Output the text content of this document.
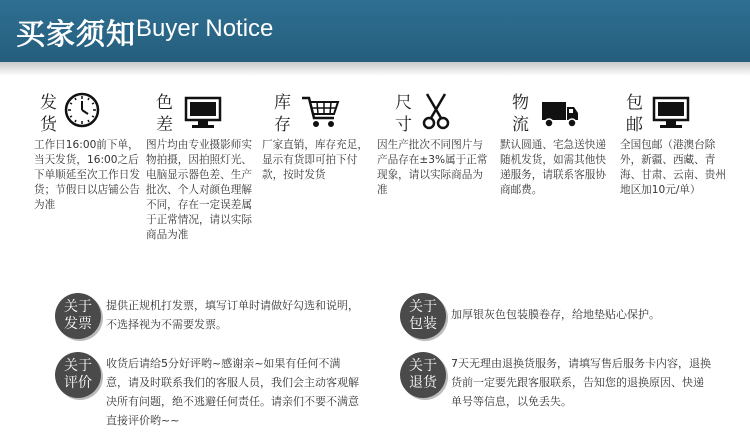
买家须知 Buyer Notice
发
货
工作日16:00前下单，当天发货，16:00之后下单顺延至次工作日发货；节假日以店铺公告为准
色
差
图片均由专业摄影师实物拍摄，因拍照灯光、电脑显示器色差、生产批次、个人对颜色理解不同，存在一定误差属于正常情况，请以实际商品为准
库
存
厂家直销，库存充足，显示有货即可拍下付款，按时发货
尺
寸
因生产批次不同图片与产品存在±3%属于正常现象，请以实际商品为准
物
流
默认圆通、宅急送快递随机发货，如需其他快递服务，请联系客服协商邮费。
包
邮
全国包邮（港澳台除外，新疆、西藏、青海、甘肃、云南、贵州地区加10元/单）
关于
发票
提供正规机打发票，填写订单时请做好勾选和说明，不选择视为不需要发票。
关于
包装
加厚银灰色包装膜卷存，给地垫贴心保护。
关于
评价
收货后请给5分好评哟~感谢亲~如果有任何不满意，请及时联系我们的客服人员，我们会主动客观解决所有问题，绝不逃避任何责任。请亲们不要不满意直接评价哟~~
关于
退货
7天无理由退换货服务，请填写售后服务卡内容，退换货前一定要先跟客服联系，告知您的退换原因、快递单号等信息，以免丢失。
